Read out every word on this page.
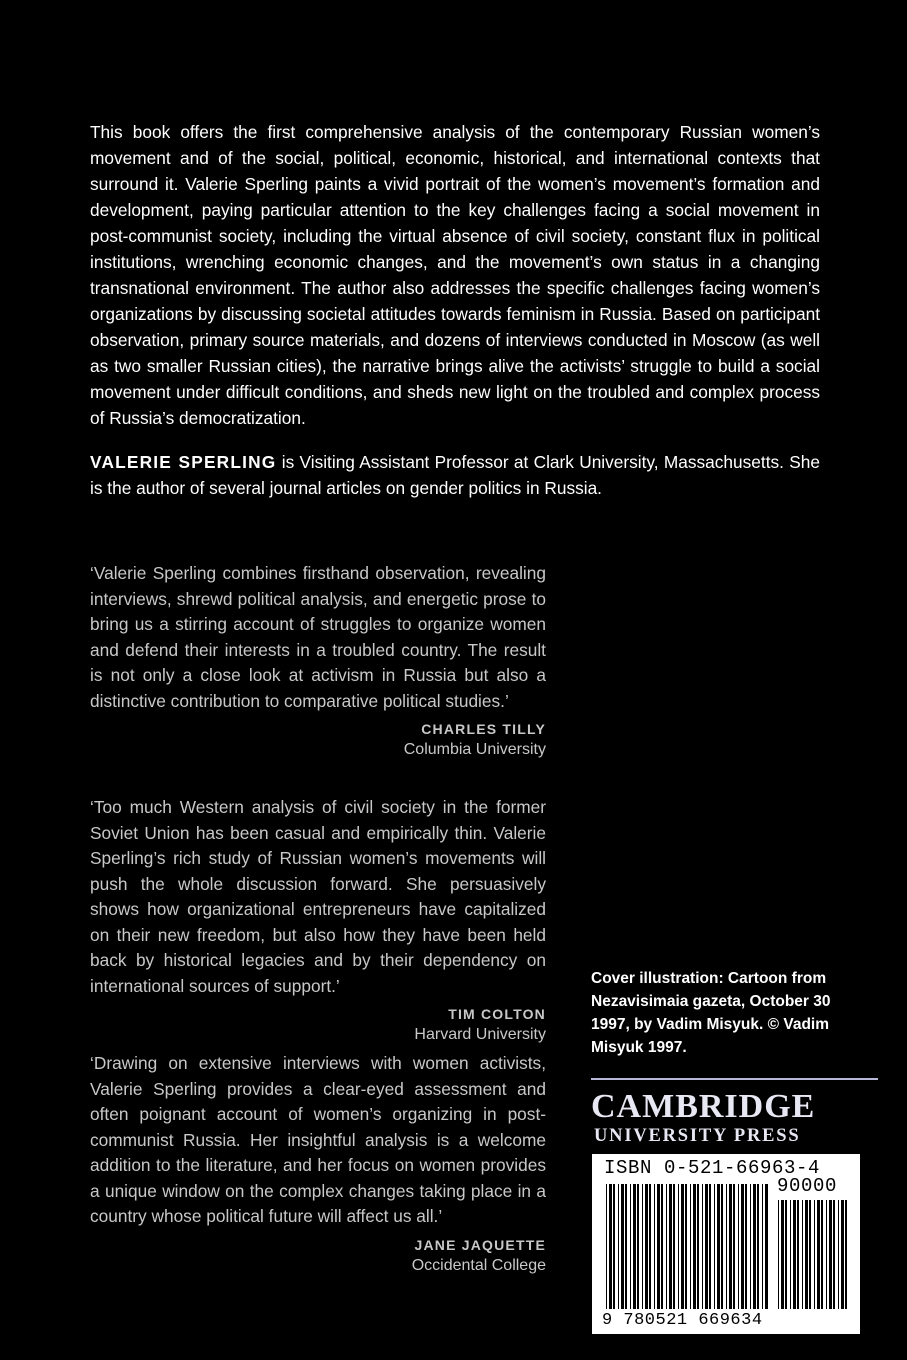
This book offers the first comprehensive analysis of the contemporary Russian women’s movement and of the social, political, economic, historical, and international contexts that surround it. Valerie Sperling paints a vivid portrait of the women’s movement’s formation and development, paying particular attention to the key challenges facing a social movement in post-communist society, including the virtual absence of civil society, constant flux in political institutions, wrenching economic changes, and the movement’s own status in a changing transnational environment. The author also addresses the specific challenges facing women’s organizations by discussing societal attitudes towards feminism in Russia. Based on participant observation, primary source materials, and dozens of interviews conducted in Moscow (as well as two smaller Russian cities), the narrative brings alive the activists’ struggle to build a social movement under difficult conditions, and sheds new light on the troubled and complex process of Russia’s democratization.

VALERIE SPERLING is Visiting Assistant Professor at Clark University, Massachusetts. She is the author of several journal articles on gender politics in Russia.

‘Valerie Sperling combines firsthand observation, revealing interviews, shrewd political analysis, and energetic prose to bring us a stirring account of struggles to organize women and defend their interests in a troubled country. The result is not only a close look at activism in Russia but also a distinctive contribution to comparative political studies.’

CHARLES TILLY
Columbia University

‘Too much Western analysis of civil society in the former Soviet Union has been casual and empirically thin. Valerie Sperling’s rich study of Russian women’s movements will push the whole discussion forward. She persuasively shows how organizational entrepreneurs have capitalized on their new freedom, but also how they have been held back by historical legacies and by their dependency on international sources of support.’

TIM COLTON
Harvard University

‘Drawing on extensive interviews with women activists, Valerie Sperling provides a clear-eyed assessment and often poignant account of women’s organizing in post-communist Russia. Her insightful analysis is a welcome addition to the literature, and her focus on women provides a unique window on the complex changes taking place in a country whose political future will affect us all.’

JANE JAQUETTE
Occidental College
Cover illustration: Cartoon from Nezavisimaia gazeta, October 30 1997, by Vadim Misyuk. © Vadim Misyuk 1997.
CAMBRIDGE
UNIVERSITY PRESS
ISBN 0-521-66963-4
90000
9 780521 669634
